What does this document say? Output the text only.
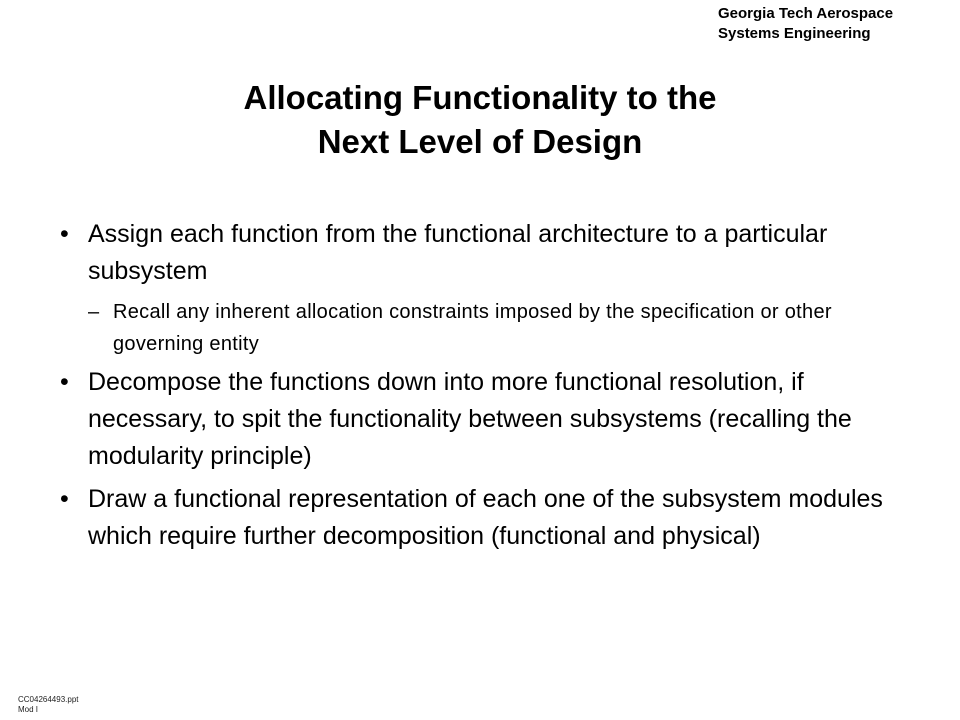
Georgia Tech Aerospace
Systems Engineering
Allocating Functionality to the
Next Level of Design
• Assign each function from the functional architecture to a particular subsystem
– Recall any inherent allocation constraints imposed by the specification or other governing entity
• Decompose the functions down into more functional resolution, if necessary, to spit the functionality between subsystems (recalling the modularity principle)
• Draw a functional representation of each one of the subsystem modules which require further decomposition (functional and physical)
CC04264493.ppt
Mod I
